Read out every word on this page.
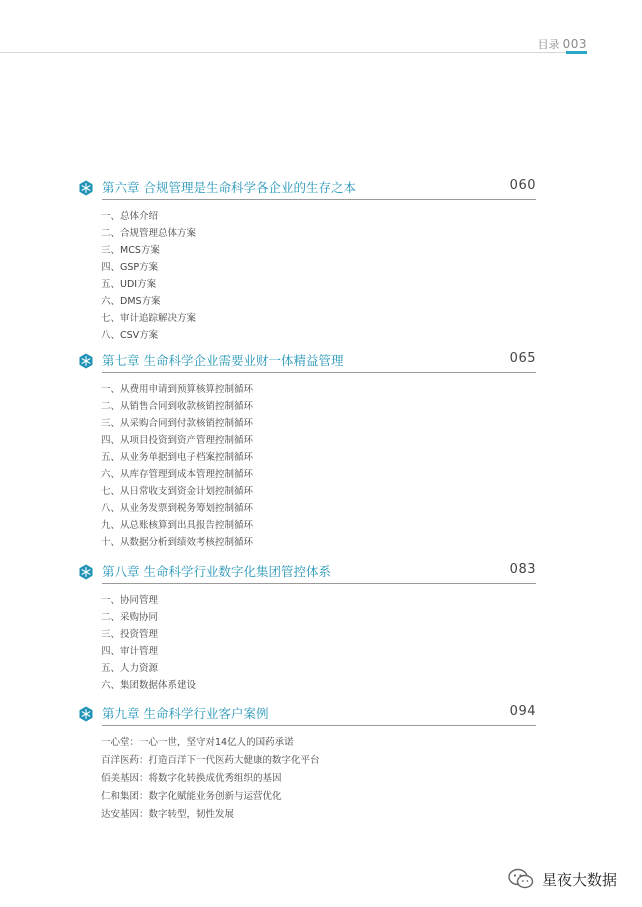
目录 003
第六章 合规管理是生命科学各企业的生存之本	060
一、总体介绍
二、合规管理总体方案
三、MCS方案
四、GSP方案
五、UDI方案
六、DMS方案
七、审计追踪解决方案
八、CSV方案
第七章 生命科学企业需要业财一体精益管理	065
一、从费用申请到预算核算控制循环
二、从销售合同到收款核销控制循环
三、从采购合同到付款核销控制循环
四、从项目投资到资产管理控制循环
五、从业务单据到电子档案控制循环
六、从库存管理到成本管理控制循环
七、从日常收支到资金计划控制循环
八、从业务发票到税务筹划控制循环
九、从总账核算到出具报告控制循环
十、从数据分析到绩效考核控制循环
第八章 生命科学行业数字化集团管控体系	083
一、协同管理
二、采购协同
三、投资管理
四、审计管理
五、人力资源
六、集团数据体系建设
第九章 生命科学行业客户案例	094
一心堂：一心一世，坚守对14亿人的国药承诺
百洋医药：打造百洋下一代医药大健康的数字化平台
佰美基因：将数字化转换成优秀组织的基因
仁和集团：数字化赋能业务创新与运营优化
达安基因：数字转型，韧性发展
星夜大数据
